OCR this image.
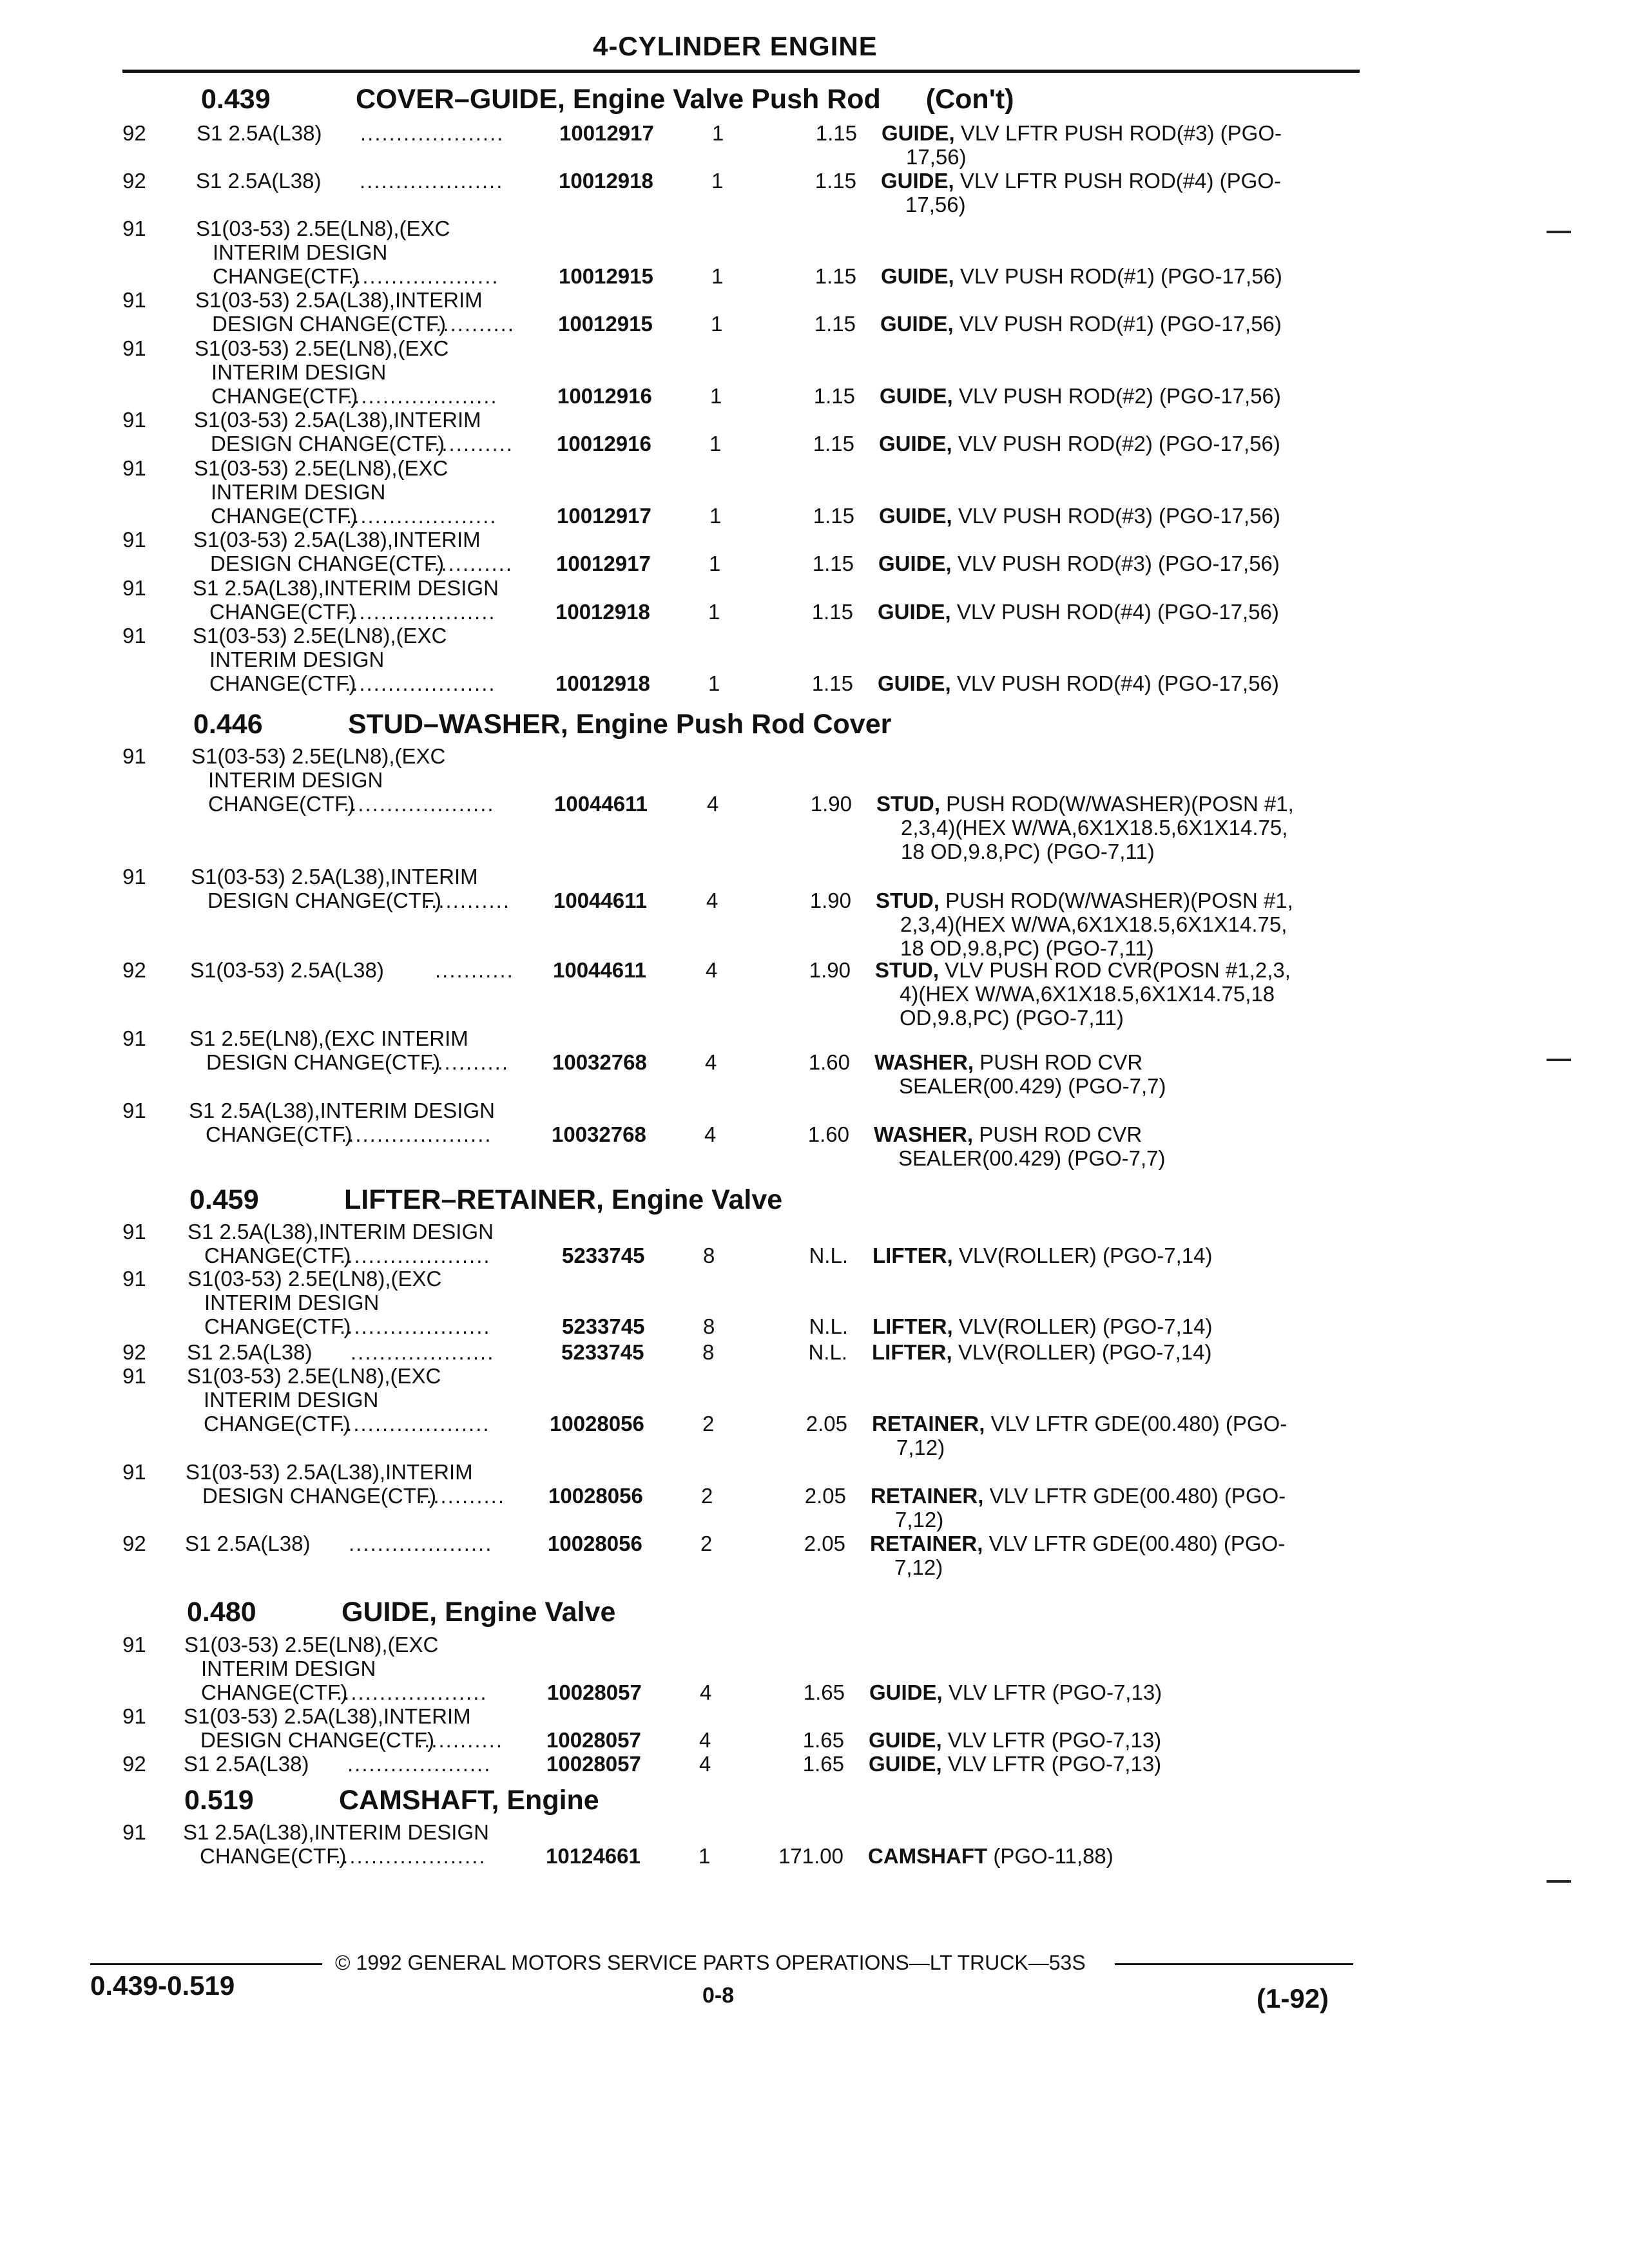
4-CYLINDER ENGINE
0.439	COVER–GUIDE, Engine Valve Push Rod (Con't)
92 S1 2.5A(L38) ....................	10012917	1	1.15 GUIDE, VLV LFTR PUSH ROD(#3) (PGO-
17,56)
92 S1 2.5A(L38) ....................	10012918	1	1.15 GUIDE, VLV LFTR PUSH ROD(#4) (PGO-
17,56)
91 S1(03-53) 2.5E(LN8),(EXC
INTERIM DESIGN
CHANGE(CTF)
.....................	10012915	1	1.15 GUIDE, VLV PUSH ROD(#1) (PGO-17,56)
91 S1(03-53) 2.5A(L38),INTERIM
DESIGN CHANGE(CTF)
............ 10012915	1	1.15 GUIDE, VLV PUSH ROD(#1) (PGO-17,56)
91 S1(03-53) 2.5E(LN8),(EXC
INTERIM DESIGN
CHANGE(CTF)
.....................	10012916	1	1.15 GUIDE, VLV PUSH ROD(#2) (PGO-17,56)
91 S1(03-53) 2.5A(L38),INTERIM
DESIGN CHANGE(CTF)
............ 10012916	1	1.15 GUIDE, VLV PUSH ROD(#2) (PGO-17,56)
91 S1(03-53) 2.5E(LN8),(EXC
INTERIM DESIGN
CHANGE(CTF)
.....................	10012917	1	1.15 GUIDE, VLV PUSH ROD(#3) (PGO-17,56)
91 S1(03-53) 2.5A(L38),INTERIM
DESIGN CHANGE(CTF)
............ 10012917	1	1.15 GUIDE, VLV PUSH ROD(#3) (PGO-17,56)
91 S1 2.5A(L38),INTERIM DESIGN
CHANGE(CTF)
.....................	10012918	1	1.15 GUIDE, VLV PUSH ROD(#4) (PGO-17,56)
91 S1(03-53) 2.5E(LN8),(EXC
INTERIM DESIGN
CHANGE(CTF)
.....................	10012918	1	1.15 GUIDE, VLV PUSH ROD(#4) (PGO-17,56)
0.446	STUD–WASHER, Engine Push Rod Cover
91 S1(03-53) 2.5E(LN8),(EXC
INTERIM DESIGN
CHANGE(CTF)
.....................	10044611	4	1.90 STUD, PUSH ROD(W/WASHER)(POSN #1,
2,3,4)(HEX W/WA,6X1X18.5,6X1X14.75,
18 OD,9.8,PC) (PGO-7,11)
91 S1(03-53) 2.5A(L38),INTERIM
DESIGN CHANGE(CTF)
............ 10044611	4	1.90 STUD, PUSH ROD(W/WASHER)(POSN #1,
2,3,4)(HEX W/WA,6X1X18.5,6X1X14.75,
18 OD,9.8,PC) (PGO-7,11)
92 S1(03-53) 2.5A(L38) ........... 10044611	4	1.90 STUD, VLV PUSH ROD CVR(POSN #1,2,3,
4)(HEX W/WA,6X1X18.5,6X1X14.75,18
OD,9.8,PC) (PGO-7,11)
91 S1 2.5E(LN8),(EXC INTERIM
DESIGN CHANGE(CTF)
............ 10032768	4	1.60 WASHER, PUSH ROD CVR
SEALER(00.429) (PGO-7,7)
91 S1 2.5A(L38),INTERIM DESIGN
CHANGE(CTF)
.....................	10032768	4	1.60 WASHER, PUSH ROD CVR
SEALER(00.429) (PGO-7,7)
0.459	LIFTER–RETAINER, Engine Valve
91 S1 2.5A(L38),INTERIM DESIGN
CHANGE(CTF)
.....................	5233745	8	N.L. LIFTER, VLV(ROLLER) (PGO-7,14)
91 S1(03-53) 2.5E(LN8),(EXC
INTERIM DESIGN
CHANGE(CTF)
.....................	5233745	8	N.L. LIFTER, VLV(ROLLER) (PGO-7,14)
92 S1 2.5A(L38) ....................	5233745	8	N.L. LIFTER, VLV(ROLLER) (PGO-7,14)
91 S1(03-53) 2.5E(LN8),(EXC
INTERIM DESIGN
CHANGE(CTF)
.....................	10028056	2	2.05 RETAINER, VLV LFTR GDE(00.480) (PGO-
7,12)
91 S1(03-53) 2.5A(L38),INTERIM
DESIGN CHANGE(CTF)
............ 10028056	2	2.05 RETAINER, VLV LFTR GDE(00.480) (PGO-
7,12)
92 S1 2.5A(L38) ....................	10028056	2	2.05 RETAINER, VLV LFTR GDE(00.480) (PGO-
7,12)
0.480	GUIDE, Engine Valve
91 S1(03-53) 2.5E(LN8),(EXC
INTERIM DESIGN
CHANGE(CTF)
.....................	10028057	4	1.65 GUIDE, VLV LFTR (PGO-7,13)
91 S1(03-53) 2.5A(L38),INTERIM
DESIGN CHANGE(CTF)
............ 10028057	4	1.65 GUIDE, VLV LFTR (PGO-7,13)
92 S1 2.5A(L38) ....................	10028057	4	1.65 GUIDE, VLV LFTR (PGO-7,13)
0.519	CAMSHAFT, Engine
91 S1 2.5A(L38),INTERIM DESIGN
CHANGE(CTF)
.....................	10124661	1	171.00 CAMSHAFT (PGO-11,88)
0.439-0.519
© 1992 GENERAL MOTORS SERVICE PARTS OPERATIONS—LT TRUCK—53S
0-8	(1-92)
